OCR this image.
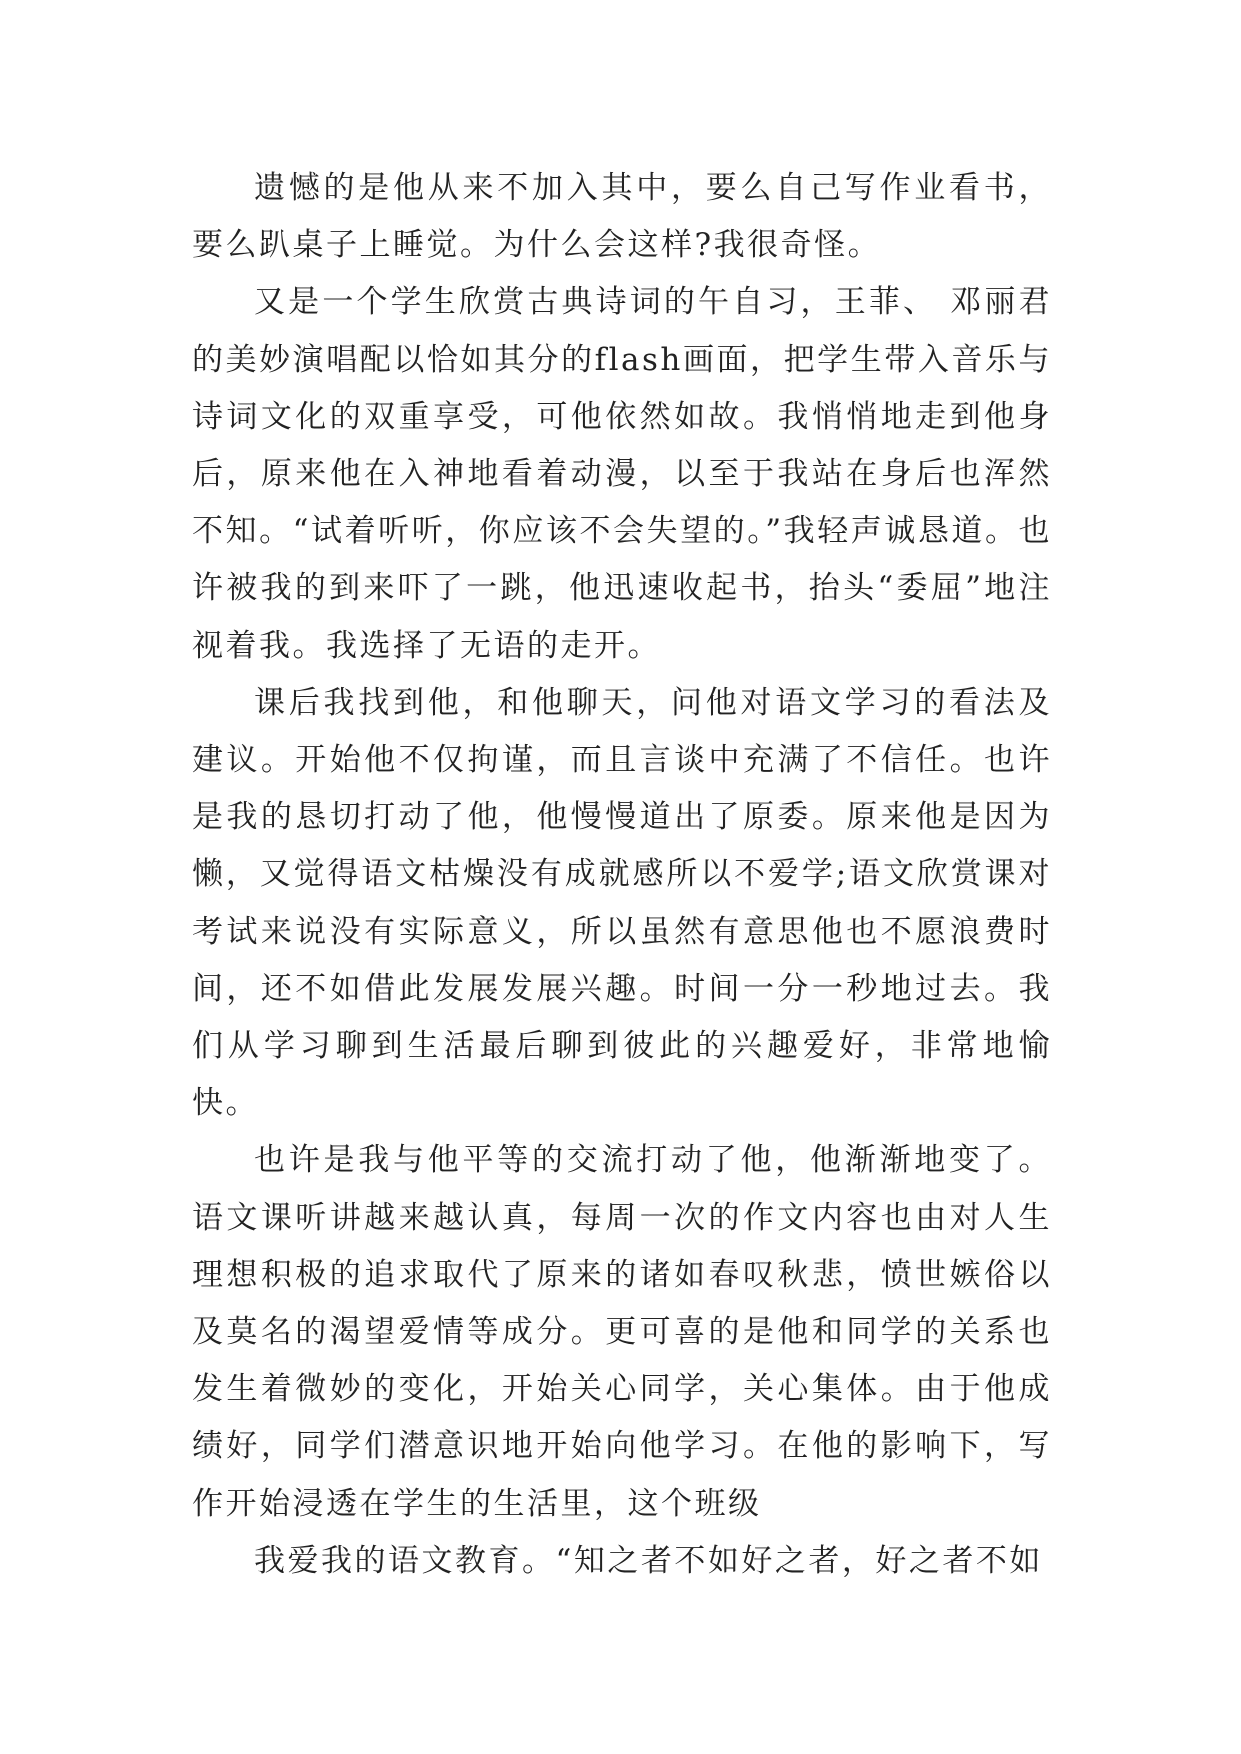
遗憾的是他从来不加入其中，要么自己写作业看书，要么趴桌子上睡觉。为什么会这样?我很奇怪。

又是一个学生欣赏古典诗词的午自习，王菲、 邓丽君的美妙演唱配以恰如其分的flash画面，把学生带入音乐与诗词文化的双重享受，可他依然如故。我悄悄地走到他身后，原来他在入神地看着动漫，以至于我站在身后也浑然不知。“试着听听，你应该不会失望的。”我轻声诚恳道。也许被我的到来吓了一跳，他迅速收起书，抬头“委屈”地注视着我。我选择了无语的走开。

课后我找到他，和他聊天，问他对语文学习的看法及建议。开始他不仅拘谨，而且言谈中充满了不信任。也许是我的恳切打动了他，他慢慢道出了原委。原来他是因为懒，又觉得语文枯燥没有成就感所以不爱学;语文欣赏课对考试来说没有实际意义，所以虽然有意思他也不愿浪费时间，还不如借此发展发展兴趣。时间一分一秒地过去。我们从学习聊到生活最后聊到彼此的兴趣爱好，非常地愉快。

也许是我与他平等的交流打动了他，他渐渐地变了。语文课听讲越来越认真，每周一次的作文内容也由对人生理想积极的追求取代了原来的诸如春叹秋悲，愤世嫉俗以及莫名的渴望爱情等成分。更可喜的是他和同学的关系也发生着微妙的变化，开始关心同学，关心集体。由于他成绩好，同学们潜意识地开始向他学习。在他的影响下，写作开始浸透在学生的生活里，这个班级

我爱我的语文教育。“知之者不如好之者，好之者不如
